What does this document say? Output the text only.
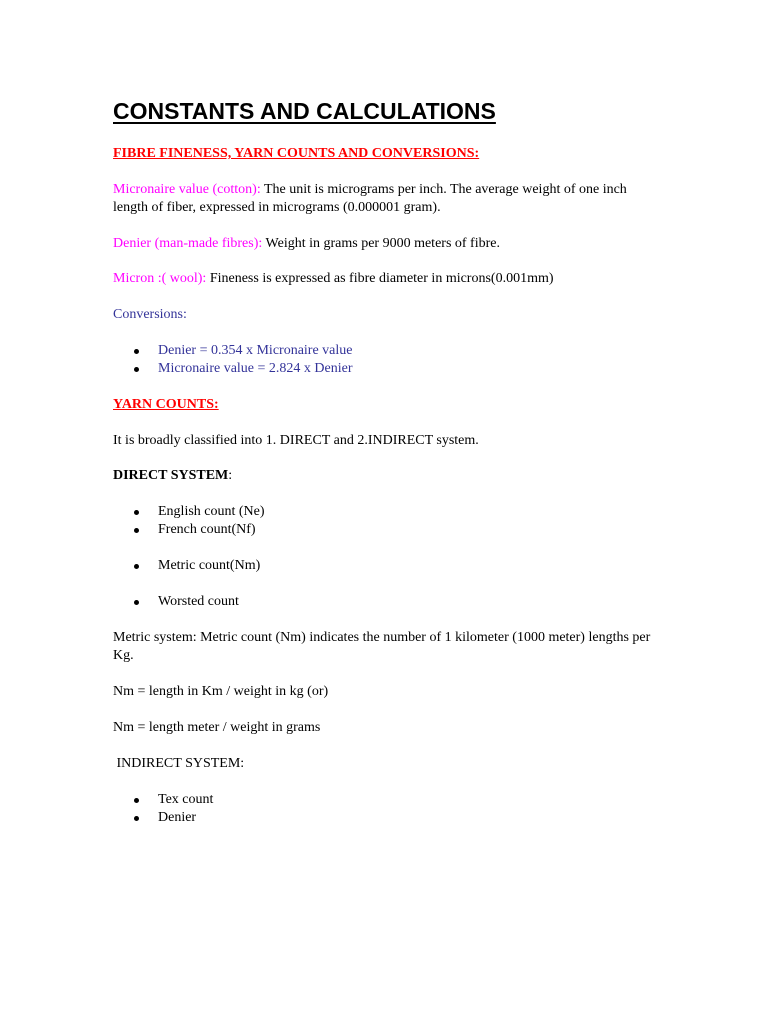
CONSTANTS AND CALCULATIONS

FIBRE FINENESS, YARN COUNTS AND CONVERSIONS:

Micronaire value (cotton): The unit is micrograms per inch. The average weight of one inch length of fiber, expressed in micrograms (0.000001 gram).

Denier (man-made fibres): Weight in grams per 9000 meters of fibre.

Micron :( wool): Fineness is expressed as fibre diameter in microns(0.001mm)

Conversions:

Denier = 0.354 x Micronaire value
Micronaire value = 2.824 x Denier

YARN COUNTS:

It is broadly classified into 1. DIRECT and 2.INDIRECT system.

DIRECT SYSTEM:

English count (Ne)
French count(Nf)
Metric count(Nm)
Worsted count

Metric system: Metric count (Nm) indicates the number of 1 kilometer (1000 meter) lengths per Kg.

Nm = length in Km / weight in kg (or)

Nm = length meter / weight in grams

INDIRECT SYSTEM:

Tex count
Denier
